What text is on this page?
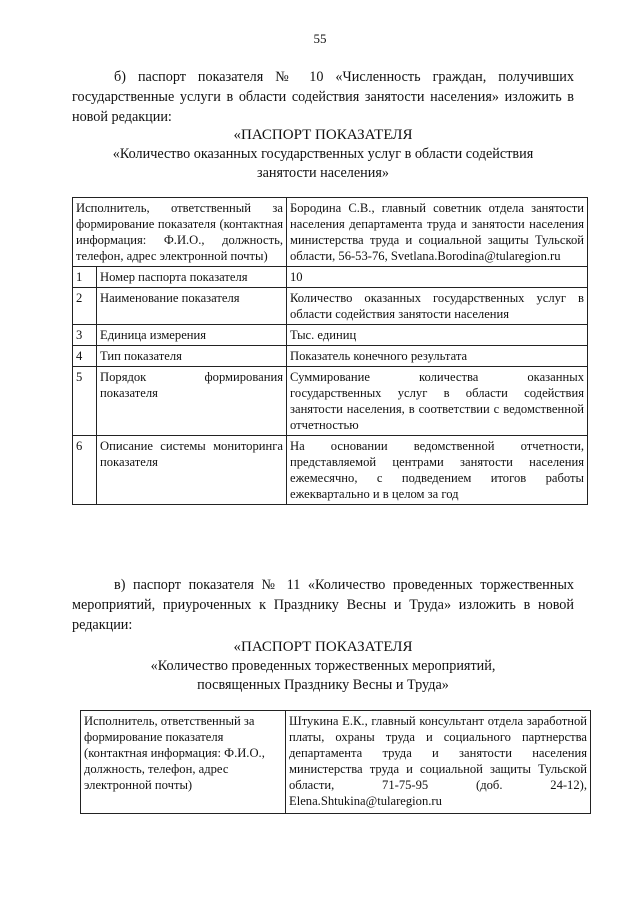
55
б) паспорт показателя № 10 «Численность граждан, получивших государственные услуги в области содействия занятости населения» изложить в новой редакции:
«ПАСПОРТ ПОКАЗАТЕЛЯ
«Количество оказанных государственных услуг в области содействия занятости населения»
Исполнитель, ответственный за формирование показателя (контактная информация: Ф.И.О., должность, телефон, адрес электронной почты)		Бородина С.В., главный советник отдела занятости населения департамента труда и занятости населения министерства труда и социальной защиты Тульской области, 56-53-76, Svetlana.Borodina@tularegion.ru
1	Номер паспорта показателя	10
2	Наименование показателя	Количество оказанных государственных услуг в области содействия занятости населения
3	Единица измерения	Тыс. единиц
4	Тип показателя	Показатель конечного результата
5	Порядок формирования показателя	Суммирование количества оказанных государственных услуг в области содействия занятости населения, в соответствии с ведомственной отчетностью
6	Описание системы мониторинга показателя	На основании ведомственной отчетности, представляемой центрами занятости населения ежемесячно, с подведением итогов работы ежеквартально и в целом за год
в) паспорт показателя № 11 «Количество проведенных торжественных мероприятий, приуроченных к Празднику Весны и Труда» изложить в новой редакции:
«ПАСПОРТ ПОКАЗАТЕЛЯ
«Количество проведенных торжественных мероприятий,
посвященных Празднику Весны и Труда»
Исполнитель, ответственный за формирование показателя (контактная информация: Ф.И.О., должность, телефон, адрес электронной почты)	Штукина Е.К., главный консультант отдела заработной платы, охраны труда и социального партнерства департамента труда и занятости населения министерства труда и социальной защиты Тульской области, 71-75-95 (доб. 24-12), Elena.Shtukina@tularegion.ru
